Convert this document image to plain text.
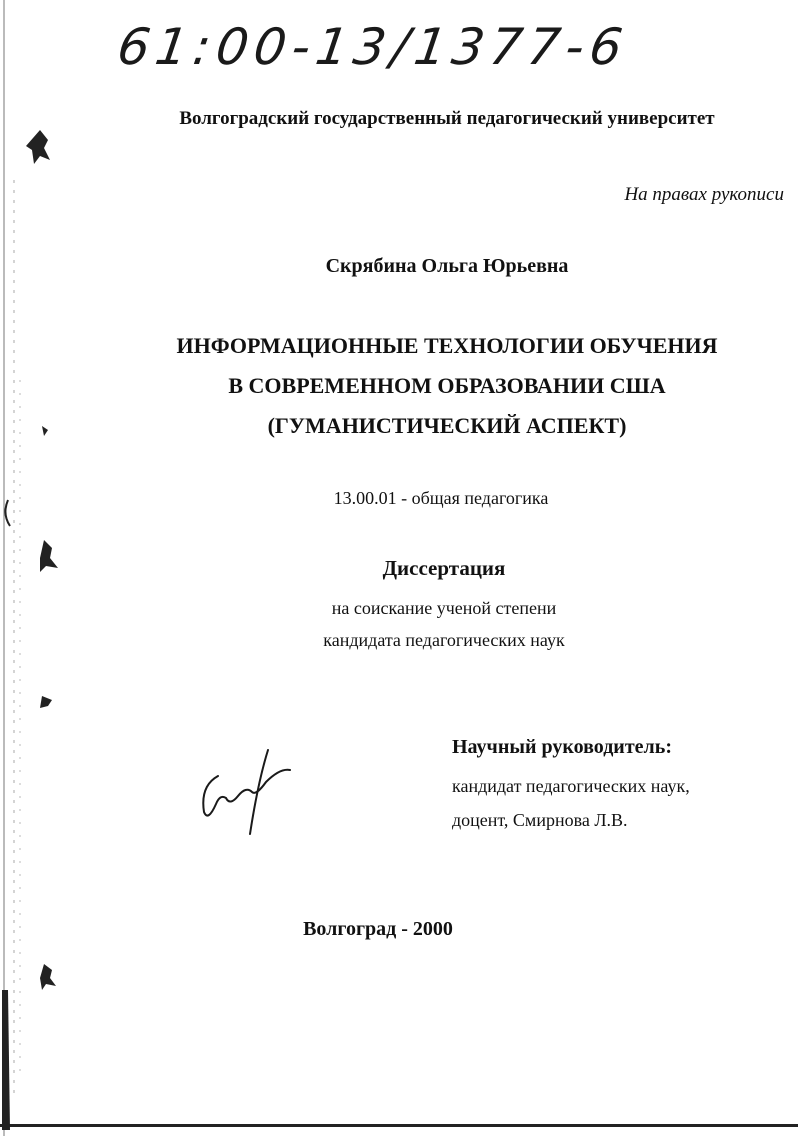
61:00-13/1377-6
Волгоградский государственный педагогический университет
На правах рукописи
Скрябина Ольга Юрьевна
ИНФОРМАЦИОННЫЕ ТЕХНОЛОГИИ ОБУЧЕНИЯ
В СОВРЕМЕННОМ ОБРАЗОВАНИИ США
(ГУМАНИСТИЧЕСКИЙ АСПЕКТ)
13.00.01 - общая педагогика
Диссертация
на соискание ученой степени
кандидата педагогических наук
Научный руководитель:
кандидат педагогических наук,
доцент, Смирнова Л.В.
Волгоград - 2000
